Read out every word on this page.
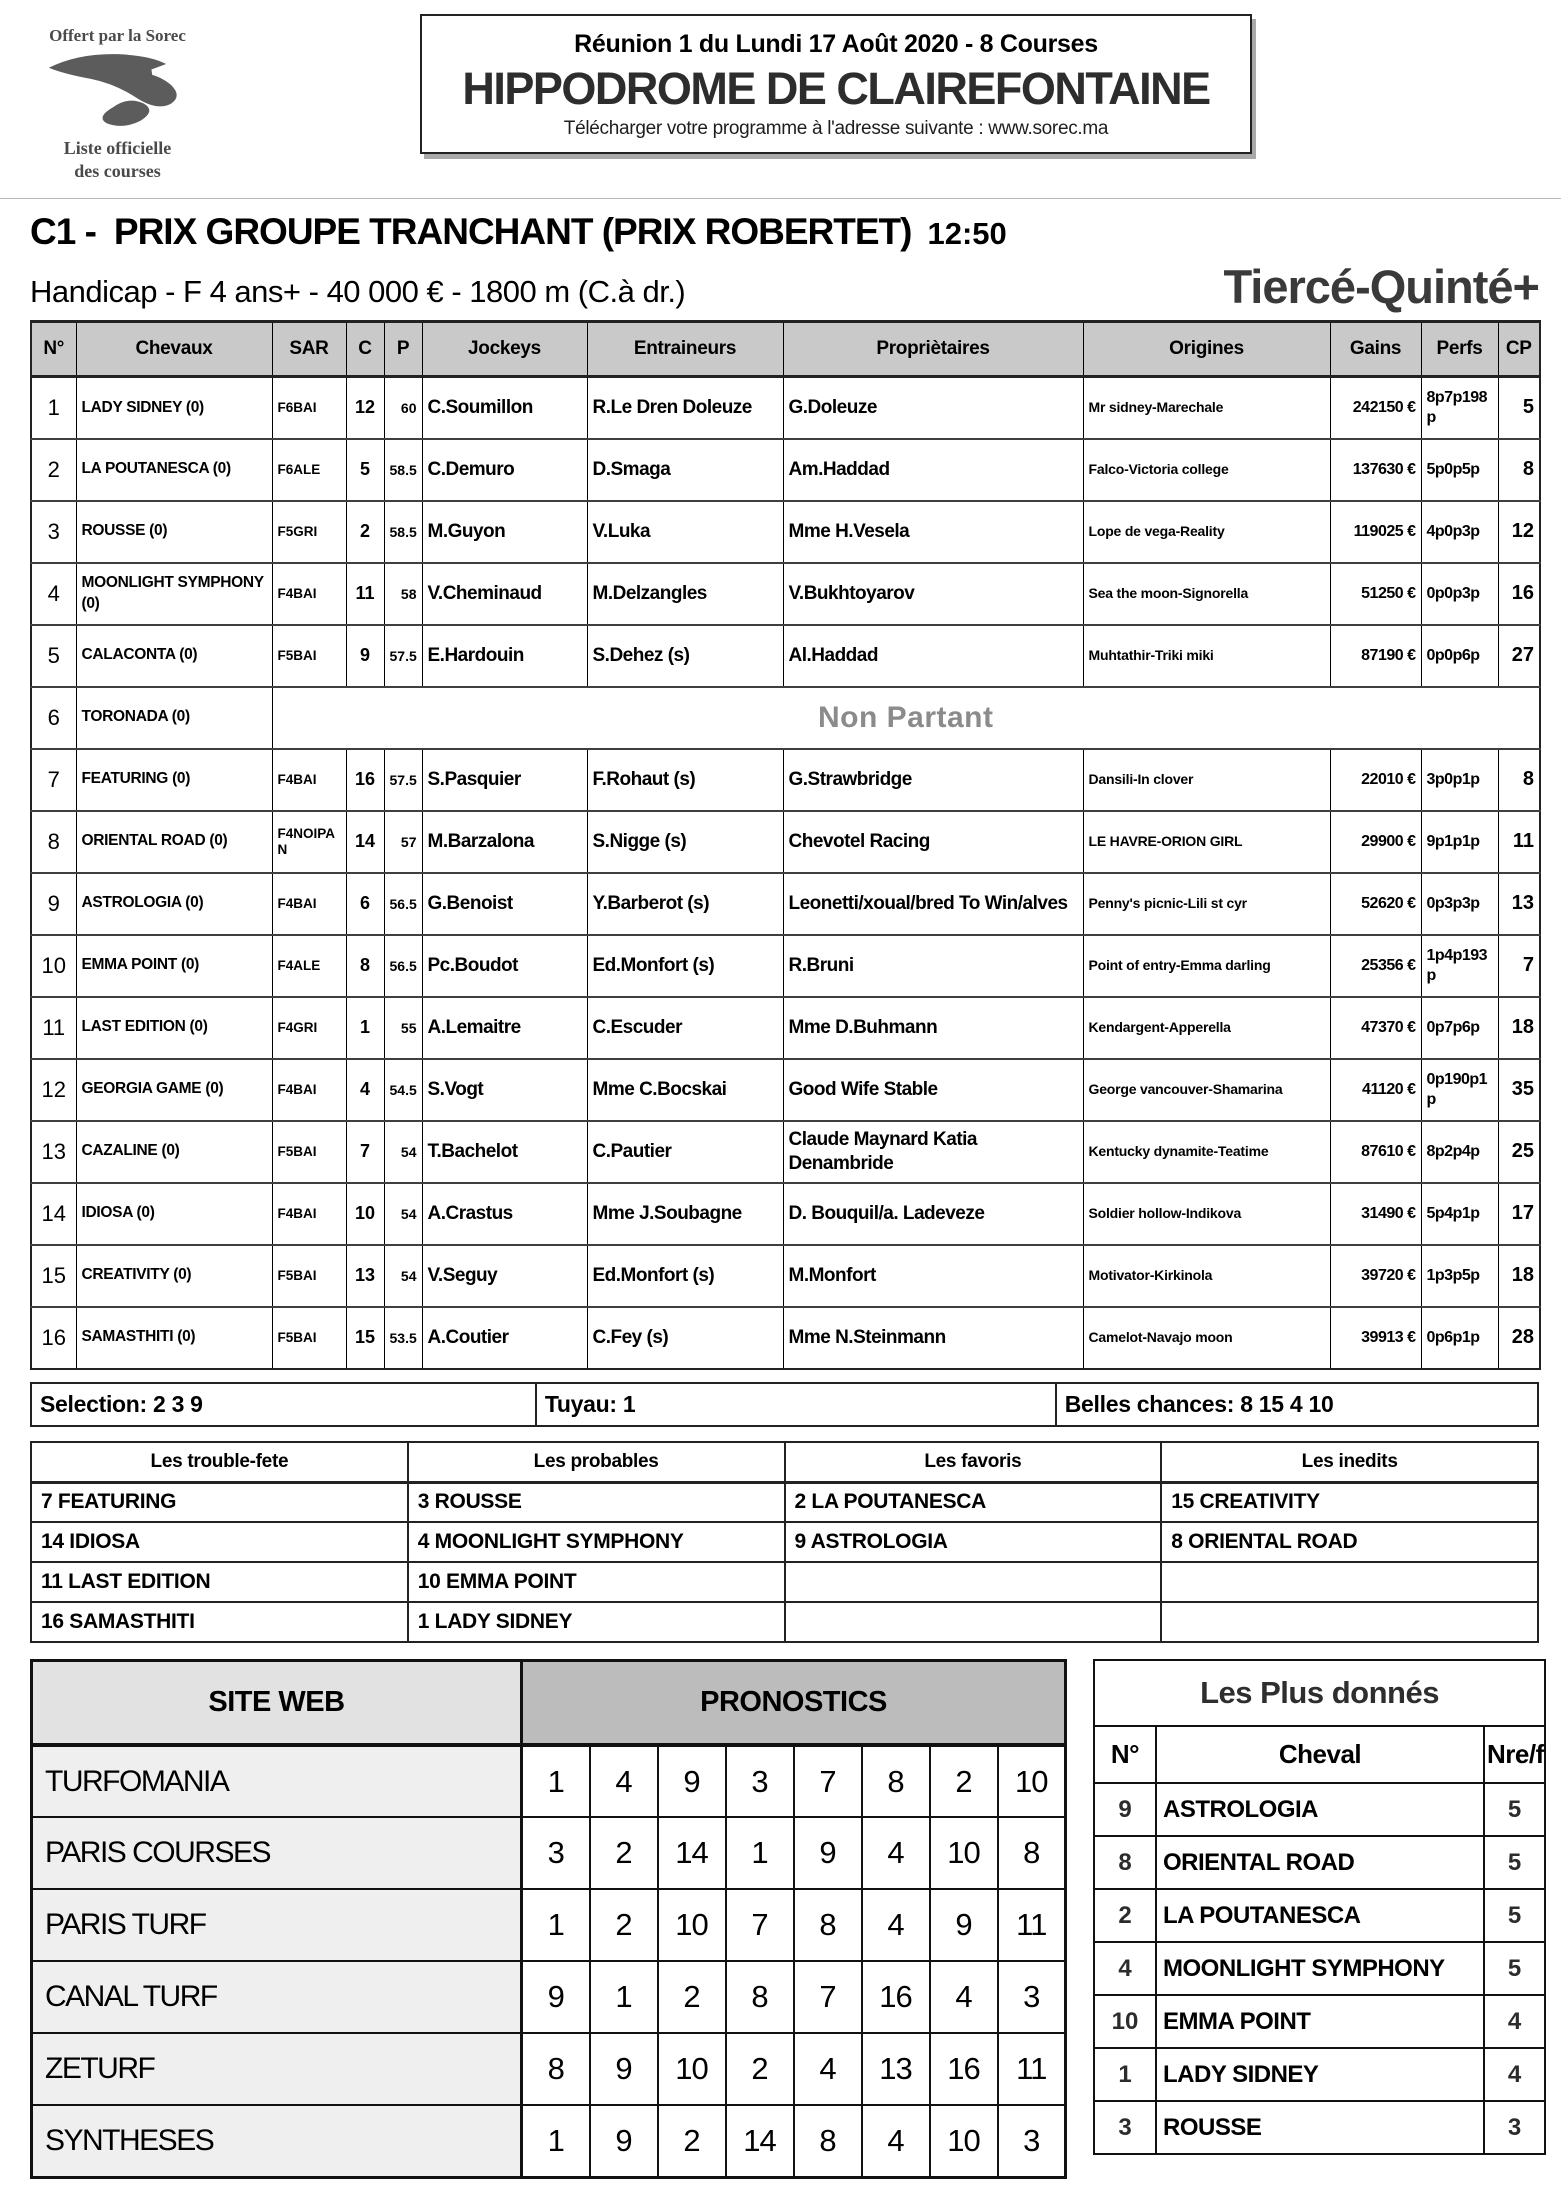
Offert par la Sorec
Liste officielle
des courses
Réunion 1 du Lundi 17 Août 2020 - 8 Courses
HIPPODROME DE CLAIREFONTAINE
Télécharger votre programme à l'adresse suivante : www.sorec.ma
C1 - PRIX GROUPE TRANCHANT (PRIX ROBERTET) 12:50
Handicap - F 4 ans+ - 40 000 € - 1800 m (C.à dr.)	Tiercé-Quinté+
N°	Chevaux	SAR	C	P	Jockeys	Entraineurs	Propriètaires	Origines	Gains	Perfs	CP
1	LADY SIDNEY (0)	F6BAI	12	60	C.Soumillon	R.Le Dren Doleuze	G.Doleuze	Mr sidney-Marechale	242150 €	8p7p198p	5
2	LA POUTANESCA (0)	F6ALE	5	58.5	C.Demuro	D.Smaga	Am.Haddad	Falco-Victoria college	137630 €	5p0p5p	8
3	ROUSSE (0)	F5GRI	2	58.5	M.Guyon	V.Luka	Mme H.Vesela	Lope de vega-Reality	119025 €	4p0p3p	12
4	MOONLIGHT SYMPHONY (0)	F4BAI	11	58	V.Cheminaud	M.Delzangles	V.Bukhtoyarov	Sea the moon-Signorella	51250 €	0p0p3p	16
5	CALACONTA (0)	F5BAI	9	57.5	E.Hardouin	S.Dehez (s)	Al.Haddad	Muhtathir-Triki miki	87190 €	0p0p6p	27
6	TORONADA (0)	Non Partant									
7	FEATURING (0)	F4BAI	16	57.5	S.Pasquier	F.Rohaut (s)	G.Strawbridge	Dansili-In clover	22010 €	3p0p1p	8
8	ORIENTAL ROAD (0)	F4NOIPAN	14	57	M.Barzalona	S.Nigge (s)	Chevotel Racing	LE HAVRE-ORION GIRL	29900 €	9p1p1p	11
9	ASTROLOGIA (0)	F4BAI	6	56.5	G.Benoist	Y.Barberot (s)	Leonetti/xoual/bred To Win/alves	Penny's picnic-Lili st cyr	52620 €	0p3p3p	13
10	EMMA POINT (0)	F4ALE	8	56.5	Pc.Boudot	Ed.Monfort (s)	R.Bruni	Point of entry-Emma darling	25356 €	1p4p193p	7
11	LAST EDITION (0)	F4GRI	1	55	A.Lemaitre	C.Escuder	Mme D.Buhmann	Kendargent-Apperella	47370 €	0p7p6p	18
12	GEORGIA GAME (0)	F4BAI	4	54.5	S.Vogt	Mme C.Bocskai	Good Wife Stable	George vancouver-Shamarina	41120 €	0p190p1p	35
13	CAZALINE (0)	F5BAI	7	54	T.Bachelot	C.Pautier	Claude Maynard Katia Denambride	Kentucky dynamite-Teatime	87610 €	8p2p4p	25
14	IDIOSA (0)	F4BAI	10	54	A.Crastus	Mme J.Soubagne	D. Bouquil/a. Ladeveze	Soldier hollow-Indikova	31490 €	5p4p1p	17
15	CREATIVITY (0)	F5BAI	13	54	V.Seguy	Ed.Monfort (s)	M.Monfort	Motivator-Kirkinola	39720 €	1p3p5p	18
16	SAMASTHITI (0)	F5BAI	15	53.5	A.Coutier	C.Fey (s)	Mme N.Steinmann	Camelot-Navajo moon	39913 €	0p6p1p	28
Selection: 2 3 9	Tuyau: 1	Belles chances: 8 15 4 10
Les trouble-fete	Les probables	Les favoris	Les inedits
7 FEATURING	3 ROUSSE	2 LA POUTANESCA	15 CREATIVITY
14 IDIOSA	4 MOONLIGHT SYMPHONY	9 ASTROLOGIA	8 ORIENTAL ROAD
11 LAST EDITION	10 EMMA POINT		
16 SAMASTHITI	1 LADY SIDNEY		
SITE WEB	PRONOSTICS							
TURFOMANIA	1	4	9	3	7	8	2	10
PARIS COURSES	3	2	14	1	9	4	10	8
PARIS TURF	1	2	10	7	8	4	9	11
CANAL TURF	9	1	2	8	7	16	4	3
ZETURF	8	9	10	2	4	13	16	11
SYNTHESES	1	9	2	14	8	4	10	3
Les Plus donnés		
N°	Cheval	Nre/f
9	ASTROLOGIA	5
8	ORIENTAL ROAD	5
2	LA POUTANESCA	5
4	MOONLIGHT SYMPHONY	5
10	EMMA POINT	4
1	LADY SIDNEY	4
3	ROUSSE	3
